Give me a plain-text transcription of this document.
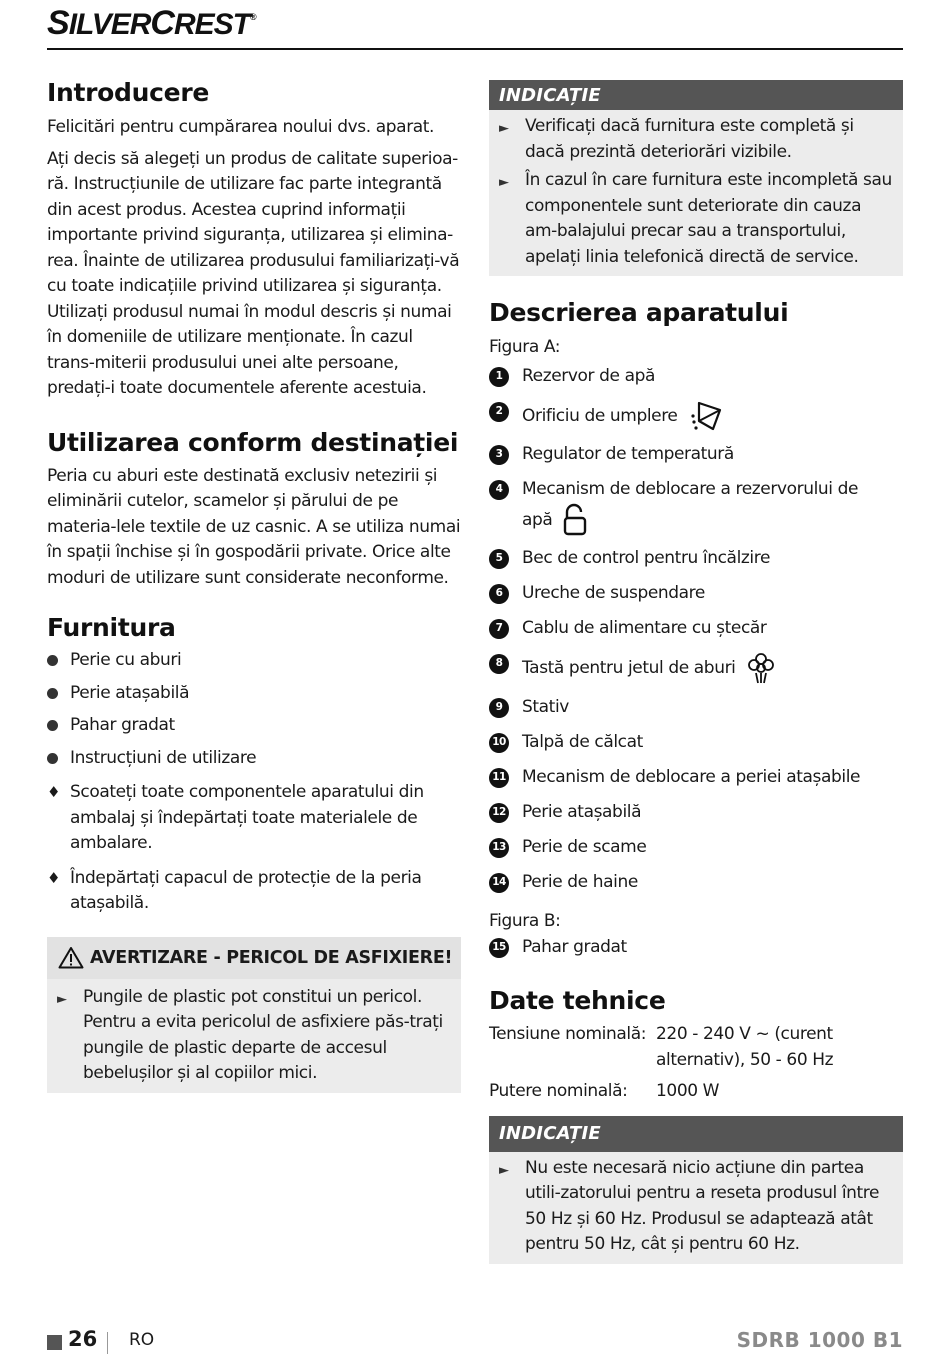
SILVERCREST®
Introducere

Felicitări pentru cumpărarea noului dvs. aparat.

Ați decis să alegeți un produs de calitate superioa-ră. Instrucțiunile de utilizare fac parte integrantă din acest produs. Acestea cuprind informații importante privind siguranța, utilizarea și elimina-rea. Înainte de utilizarea produsului familiarizați-vă cu toate indicațiile privind utilizarea și siguranța. Utilizați produsul numai în modul descris și numai în domeniile de utilizare menționate. În cazul trans-miterii produsului unei alte persoane, predați-i toate documentele aferente acestuia.

Utilizarea conform destinației

Peria cu aburi este destinată exclusiv netezirii și eliminării cutelor, scamelor și părului de pe materia-lele textile de uz casnic. A se utiliza numai în spații închise și în gospodării private. Orice alte moduri de utilizare sunt considerate neconforme.

Furnitura
Perie cu aburi
Perie atașabilă
Pahar gradat
Instrucțiuni de utilizare
♦ Scoateți toate componentele aparatului din ambalaj și îndepărtați toate materialele de ambalare.
♦ Îndepărtați capacul de protecție de la peria atașabilă.
AVERTIZARE - PERICOL DE ASFIXIERE!
► Pungile de plastic pot constitui un pericol. Pentru a evita pericolul de asfixiere păs-trați pungile de plastic departe de accesul bebelușilor și al copiilor mici.
INDICAȚIE
► Verificați dacă furnitura este completă și dacă prezintă deteriorări vizibile.
► În cazul în care furnitura este incompletă sau componentele sunt deteriorate din cauza am-balajului precar sau a transportului, apelați linia telefonică directă de service.
Descrierea aparatului

Figura A:

1	Rezervor de apă
2	Orificiu de umplere
3	Regulator de temperatură
4	Mecanism de deblocare a rezervorului de apă
5	Bec de control pentru încălzire
6	Ureche de suspendare
7	Cablu de alimentare cu ștecăr
8	Tastă pentru jetul de aburi
9	Stativ
10 Talpă de călcat
11 Mecanism de deblocare a periei atașabile
12 Perie atașabilă
13 Perie de scame
14 Perie de haine

Figura B:

15 Pahar gradat
Date tehnice
Tensiune nominală: 220 - 240 V ~ (curent alternativ), 50 - 60 Hz
Putere nominală:	1000 W
INDICAȚIE
► Nu este necesară nicio acțiune din partea utili-zatorului pentru a reseta produsul între 50 Hz și 60 Hz. Produsul se adaptează atât pentru 50 Hz, cât și pentru 60 Hz.
26 RO	SDRB 1000 B1
